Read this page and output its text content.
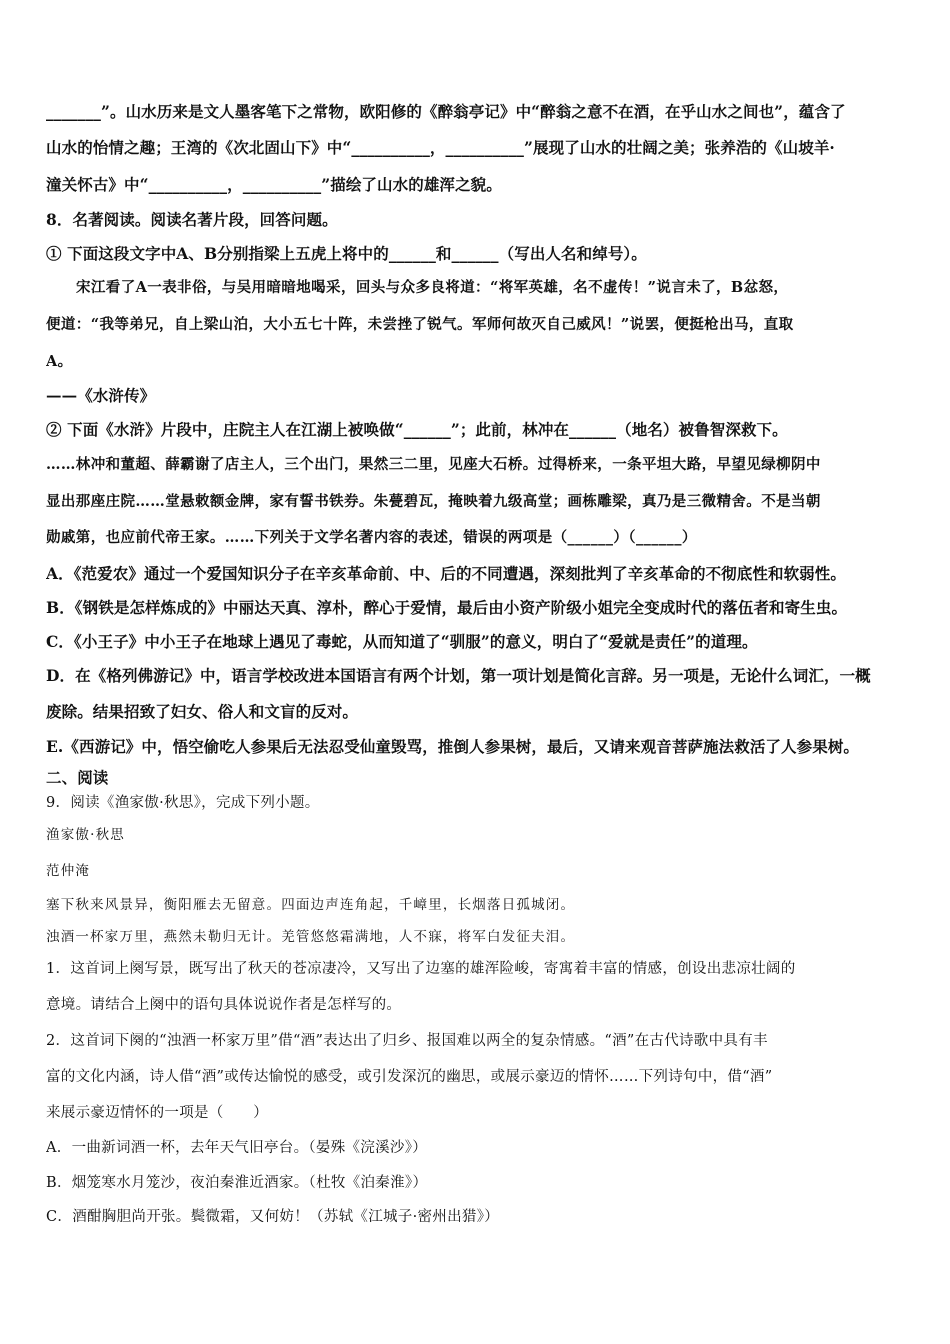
_______”。山水历来是文人墨客笔下之常物，欧阳修的《醉翁亭记》中“醉翁之意不在酒，在乎山水之间也”，蕴含了
山水的怡情之趣；王湾的《次北固山下》中“__________，__________”展现了山水的壮阔之美；张养浩的《山坡羊·
潼关怀古》中“__________，__________”描绘了山水的雄浑之貌。
8．名著阅读。阅读名著片段，回答问题。
① 下面这段文字中A、B分别指梁上五虎上将中的______和______（写出人名和绰号）。
宋江看了A一表非俗，与吴用暗暗地喝采，回头与众多良将道：“将军英雄，名不虚传！”说言未了，B忿怒，
便道：“我等弟兄，自上梁山泊，大小五七十阵，未尝挫了锐气。军师何故灭自己威风！”说罢，便挺枪出马，直取
A。
——《水浒传》
② 下面《水浒》片段中，庄院主人在江湖上被唤做“______”；此前，林冲在______（地名）被鲁智深救下。
……林冲和董超、薛霸谢了店主人，三个出门，果然三二里，见座大石桥。过得桥来，一条平坦大路，早望见绿柳阴中
显出那座庄院……堂悬敕额金牌，家有誓书铁券。朱甍碧瓦，掩映着九级高堂；画栋雕梁，真乃是三微精舍。不是当朝
勋戚第，也应前代帝王家。……下列关于文学名著内容的表述，错误的两项是（______）（______）
A．《范爱农》通过一个爱国知识分子在辛亥革命前、中、后的不同遭遇，深刻批判了辛亥革命的不彻底性和软弱性。
B．《钢铁是怎样炼成的》中丽达天真、淳朴，醉心于爱情，最后由小资产阶级小姐完全变成时代的落伍者和寄生虫。
C．《小王子》中小王子在地球上遇见了毒蛇，从而知道了“驯服”的意义，明白了“爱就是责任”的道理。
D．在《格列佛游记》中，语言学校改进本国语言有两个计划，第一项计划是简化言辞。另一项是，无论什么词汇，一概
废除。结果招致了妇女、俗人和文盲的反对。
E.《西游记》中，悟空偷吃人参果后无法忍受仙童毁骂，推倒人参果树，最后，又请来观音菩萨施法救活了人参果树。
二、阅读
9．阅读《渔家傲·秋思》，完成下列小题。
渔家傲·秋思
范仲淹
塞下秋来风景异，衡阳雁去无留意。四面边声连角起，千嶂里，长烟落日孤城闭。
浊酒一杯家万里，燕然未勒归无计。羌管悠悠霜满地，人不寐，将军白发征夫泪。
1．这首词上阕写景，既写出了秋天的苍凉凄冷，又写出了边塞的雄浑险峻，寄寓着丰富的情感，创设出悲凉壮阔的
意境。请结合上阕中的语句具体说说作者是怎样写的。
2．这首词下阕的“浊酒一杯家万里”借“酒”表达出了归乡、报国难以两全的复杂情感。“酒”在古代诗歌中具有丰
富的文化内涵，诗人借“酒”或传达愉悦的感受，或引发深沉的幽思，或展示豪迈的情怀……下列诗句中，借“酒”
来展示豪迈情怀的一项是（　　）
A．一曲新词酒一杯，去年天气旧亭台。（晏殊《浣溪沙》）
B．烟笼寒水月笼沙，夜泊秦淮近酒家。（杜牧《泊秦淮》）
C．酒酣胸胆尚开张。鬓微霜，又何妨！（苏轼《江城子·密州出猎》）
